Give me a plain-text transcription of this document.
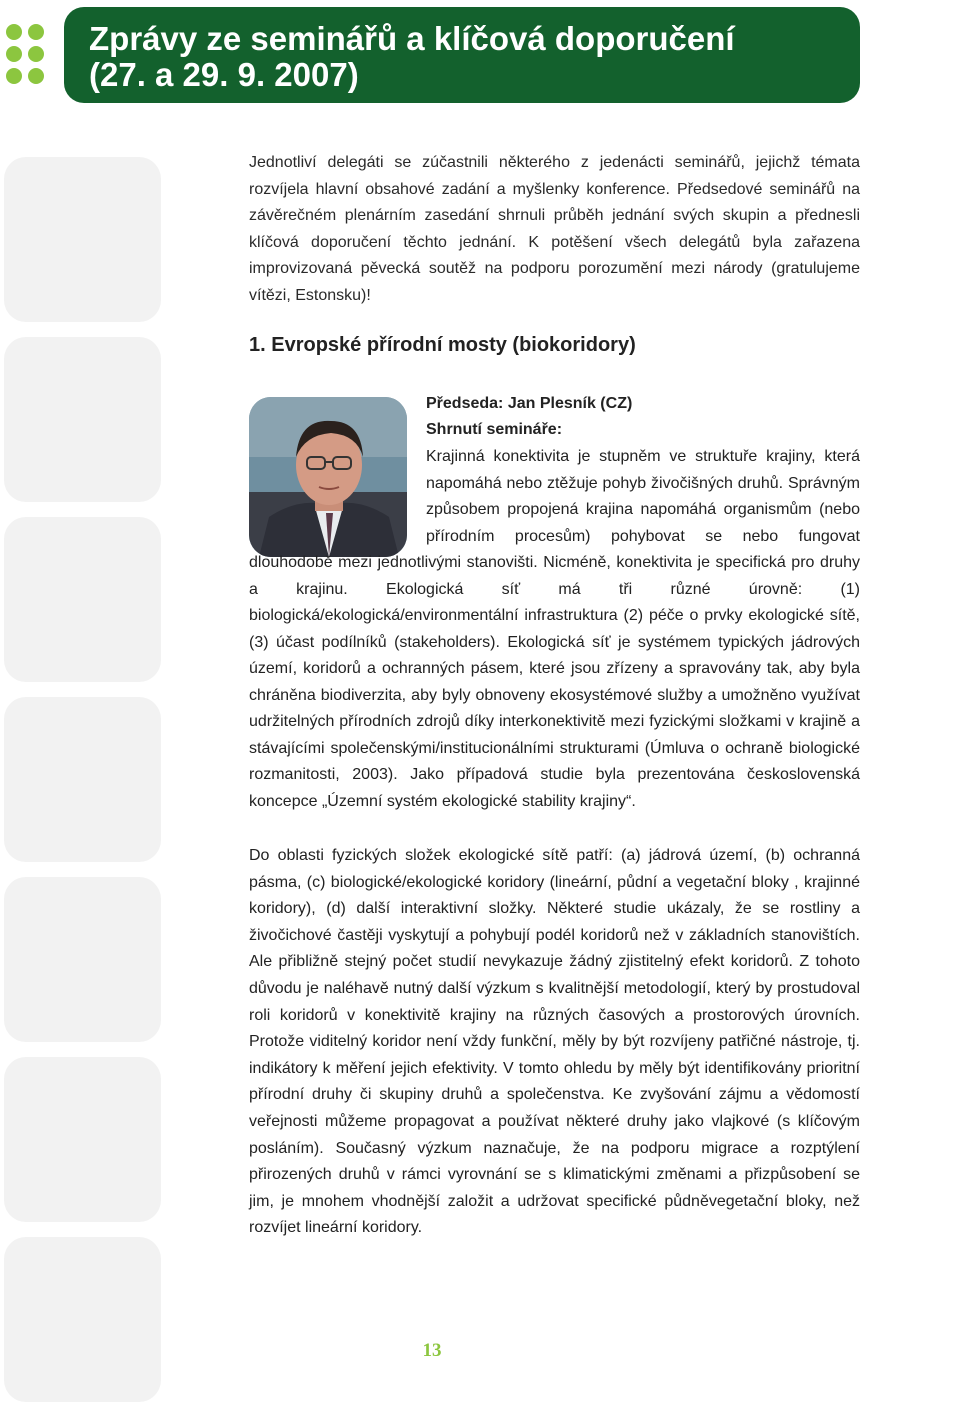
Zprávy ze seminářů a klíčová doporučení
(27. a 29. 9. 2007)

Jednotliví delegáti se zúčastnili některého z jedenácti seminářů, jejichž témata rozvíjela hlavní obsahové zadání a myšlenky konference. Předsedové seminářů na závěrečném plenárním zasedání shrnuli průběh jednání svých skupin a přednesli klíčová doporučení těchto jednání. K potěšení všech delegátů byla zařazena improvizovaná pěvecká soutěž na podporu porozumění mezi národy (gratulujeme vítězi, Estonsku)!

1. Evropské přírodní mosty (biokoridory)
Předseda: Jan Plesník (CZ)
Shrnutí semináře:
Krajinná konektivita je stupněm ve struktuře krajiny, která napomáhá nebo ztěžuje pohyb živočišných druhů. Správným způsobem propojená krajina napomáhá organismům (nebo přírodním procesům) pohybovat se nebo fungovat dlouhodobě mezi jednotlivými stanovišti. Nicméně, konektivita je specifická pro druhy a krajinu. Ekologická síť má tři různé úrovně: (1) biologická/ekologická/environmentální infrastruktura (2) péče o prvky ekologické sítě, (3) účast podílníků (stakeholders). Ekologická síť je systémem typických jádrových území, koridorů a ochranných pásem, které jsou zřízeny a spravovány tak, aby byla chráněna biodiverzita, aby byly obnoveny ekosystémové služby a umožněno využívat udržitelných přírodních zdrojů díky interkonektivitě mezi fyzickými složkami v krajině a stávajícími společenskými/institucionálními strukturami (Úmluva o ochraně biologické rozmanitosti, 2003). Jako případová studie byla prezentována československá koncepce „Územní systém ekologické stability krajiny“.

Do oblasti fyzických složek ekologické sítě patří: (a) jádrová území, (b) ochranná pásma, (c) biologické/ekologické koridory (lineární, půdní a vegetační bloky , krajinné koridory), (d) další interaktivní složky. Některé studie ukázaly, že se rostliny a živočichové častěji vyskytují a pohybují podél koridorů než v základních stanovištích. Ale přibližně stejný počet studií nevykazuje žádný zjistitelný efekt koridorů. Z tohoto důvodu je naléhavě nutný další výzkum s kvalitnější metodologií, který by prostudoval roli koridorů v konektivitě krajiny na různých časových a prostorových úrovních. Protože viditelný koridor není vždy funkční, měly by být rozvíjeny patřičné nástroje, tj. indikátory k měření jejich efektivity. V tomto ohledu by měly být identifikovány prioritní přírodní druhy či skupiny druhů a společenstva. Ke zvyšování zájmu a vědomostí veřejnosti můžeme propagovat a používat některé druhy jako vlajkové (s klíčovým posláním). Současný výzkum naznačuje, že na podporu migrace a rozptýlení přirozených druhů v rámci vyrovnání se s klimatickými změnami a přizpůsobení se jim, je mnohem vhodnější založit a udržovat specifické půdněvegetační bloky, než rozvíjet lineární koridory.

13
